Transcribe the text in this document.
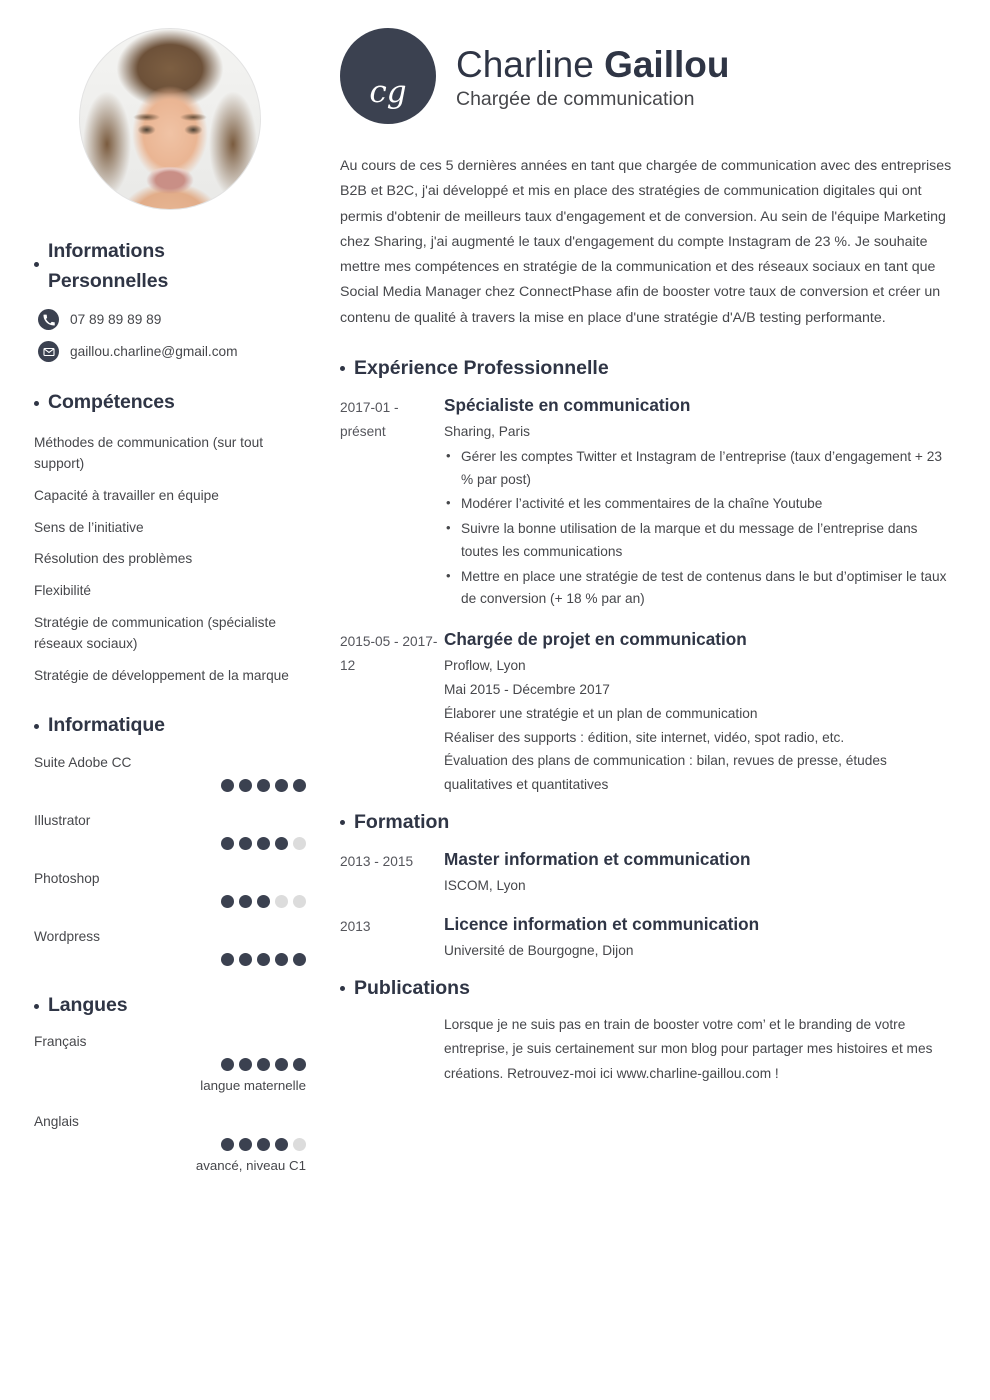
Informations
Personnelles
07 89 89 89 89
gaillou.charline@gmail.com
Compétences
Méthodes de communication (sur tout support)
Capacité à travailler en équipe
Sens de l’initiative
Résolution des problèmes
Flexibilité
Stratégie de communication (spécialiste réseaux sociaux)
Stratégie de développement de la marque
Informatique
Suite Adobe CC
Illustrator
Photoshop
Wordpress
Langues
Français
langue maternelle
Anglais
avancé, niveau C1
cg
Charline Gaillou
Chargée de communication

Au cours de ces 5 dernières années en tant que chargée de communication avec des entreprises B2B et B2C, j'ai développé et mis en place des stratégies de communication digitales qui ont permis d'obtenir de meilleurs taux d'engagement et de conversion. Au sein de l'équipe Marketing chez Sharing, j'ai augmenté le taux d'engagement du compte Instagram de 23 %. Je souhaite mettre mes compétences en stratégie de la communication et des réseaux sociaux en tant que Social Media Manager chez ConnectPhase afin de booster votre taux de conversion et créer un contenu de qualité à travers la mise en place d'une stratégie d'A/B testing performante.

Expérience Professionnelle
2017-01 - présent
Spécialiste en communication
Sharing, Paris
• Gérer les comptes Twitter et Instagram de l’entreprise (taux d’engagement + 23 % par post)
• Modérer l’activité et les commentaires de la chaîne Youtube
• Suivre la bonne utilisation de la marque et du message de l’entreprise dans toutes les communications
• Mettre en place une stratégie de test de contenus dans le but d’optimiser le taux de conversion (+ 18 % par an)
2015-05 - 2017-12
Chargée de projet en communication
Proflow, Lyon
Mai 2015 - Décembre 2017
Élaborer une stratégie et un plan de communication
Réaliser des supports : édition, site internet, vidéo, spot radio, etc.
Évaluation des plans de communication : bilan, revues de presse, études qualitatives et quantitatives
Formation
2013 - 2015	Master information et communication
ISCOM, Lyon
2013	Licence information et communication
Université de Bourgogne, Dijon
Publications
Lorsque je ne suis pas en train de booster votre com’ et le branding de votre entreprise, je suis certainement sur mon blog pour partager mes histoires et mes créations. Retrouvez-moi ici www.charline-gaillou.com !
